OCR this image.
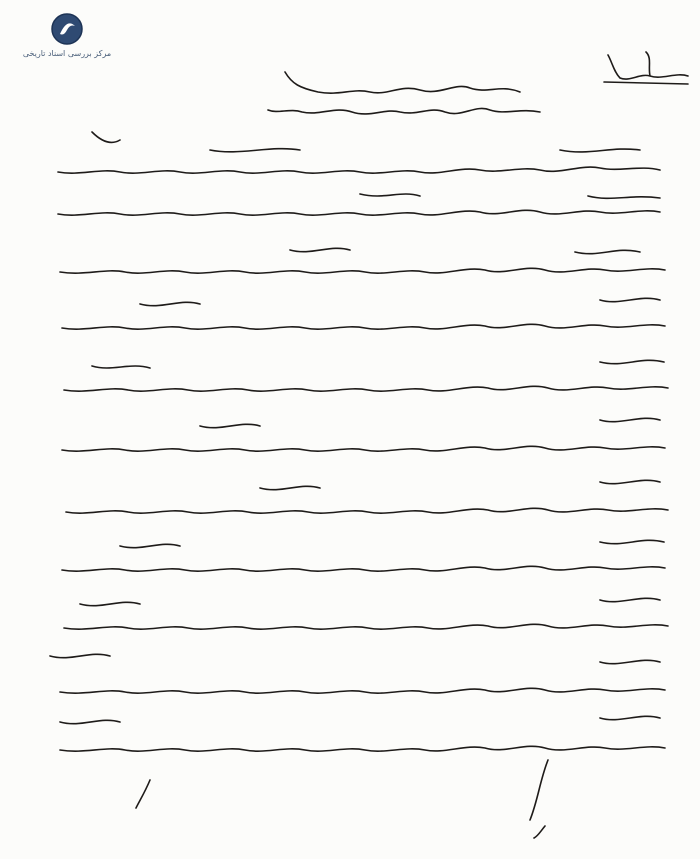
مرکز بررسی اسناد تاریخی
